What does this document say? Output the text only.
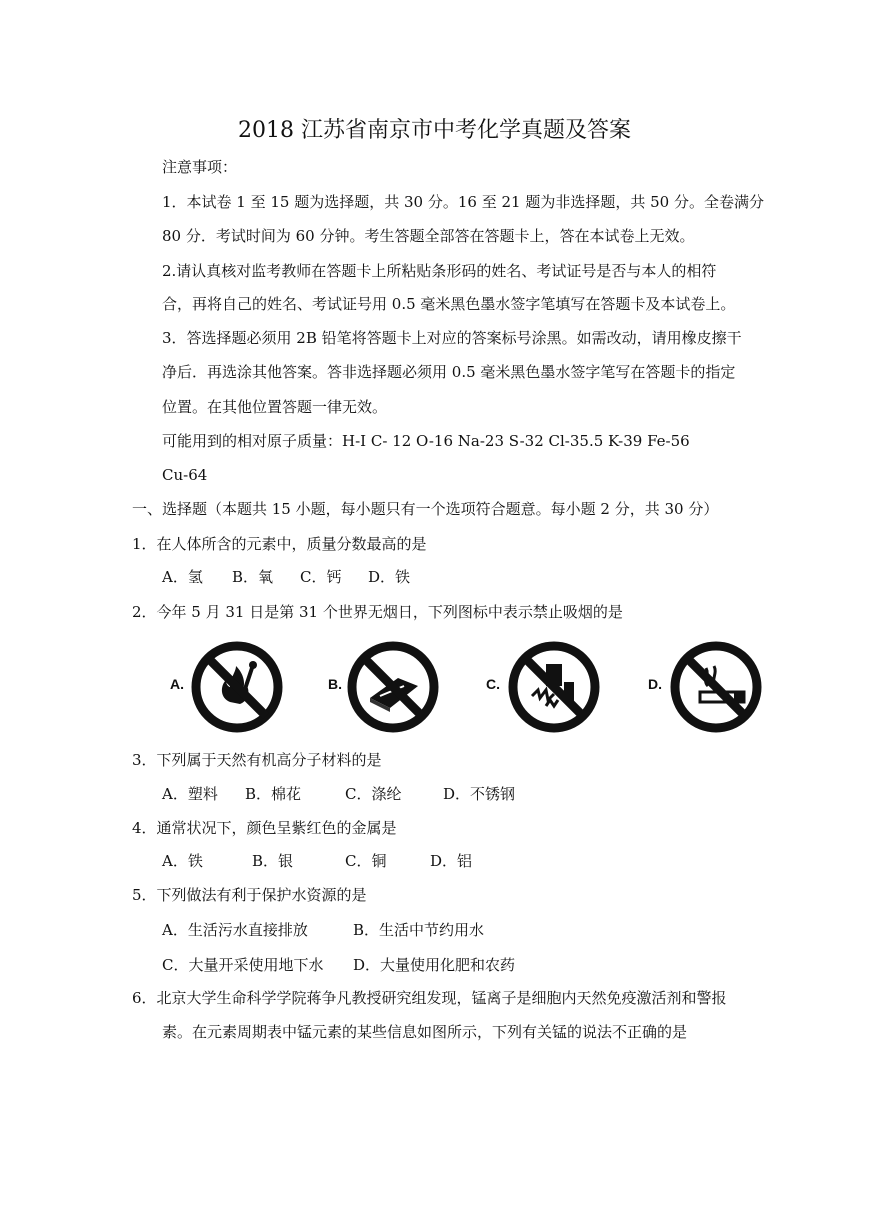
2018 江苏省南京市中考化学真题及答案
注意事项：
1．本试卷 1 至 15 题为选择题，共 30 分。16 至 21 题为非选择题，共 50 分。全卷满分
80 分．考试时间为 60 分钟。考生答题全部答在答题卡上，答在本试卷上无效。
2.请认真核对监考教师在答题卡上所粘贴条形码的姓名、考试证号是否与本人的相符
合，再将自己的姓名、考试证号用 0.5 毫米黑色墨水签字笔填写在答题卡及本试卷上。
3．答选择题必须用 2B 铅笔将答题卡上对应的答案标号涂黑。如需改动，请用橡皮擦干
净后．再选涂其他答案。答非选择题必须用 0.5 毫米黑色墨水签字笔写在答题卡的指定
位置。在其他位置答题一律无效。
可能用到的相对原子质量：H-I C- 12 O-16 Na-23 S-32 Cl-35.5 K-39 Fe-56
Cu-64
一、选择题（本题共 15 小题，每小题只有一个选项符合题意。每小题 2 分，共 30 分）
1．在人体所含的元素中，质量分数最高的是
A．氢 B．氧 C．钙 D．铁
2．今年 5 月 31 日是第 31 个世界无烟日，下列图标中表示禁止吸烟的是
A.	B.	C.	D.
3．下列属于天然有机高分子材料的是
A．塑料 B．棉花	C．涤纶	D．不锈钢
4．通常状况下，颜色呈紫红色的金属是
A．铁	B．银	C．铜	D．铝
5．下列做法有利于保护水资源的是
A．生活污水直接排放	B．生活中节约用水
C．大量开采使用地下水 D．大量使用化肥和农药
6．北京大学生命科学学院蒋争凡教授研究组发现，锰离子是细胞内天然免疫激活剂和警报
素。在元素周期表中锰元素的某些信息如图所示，下列有关锰的说法不正确的是
